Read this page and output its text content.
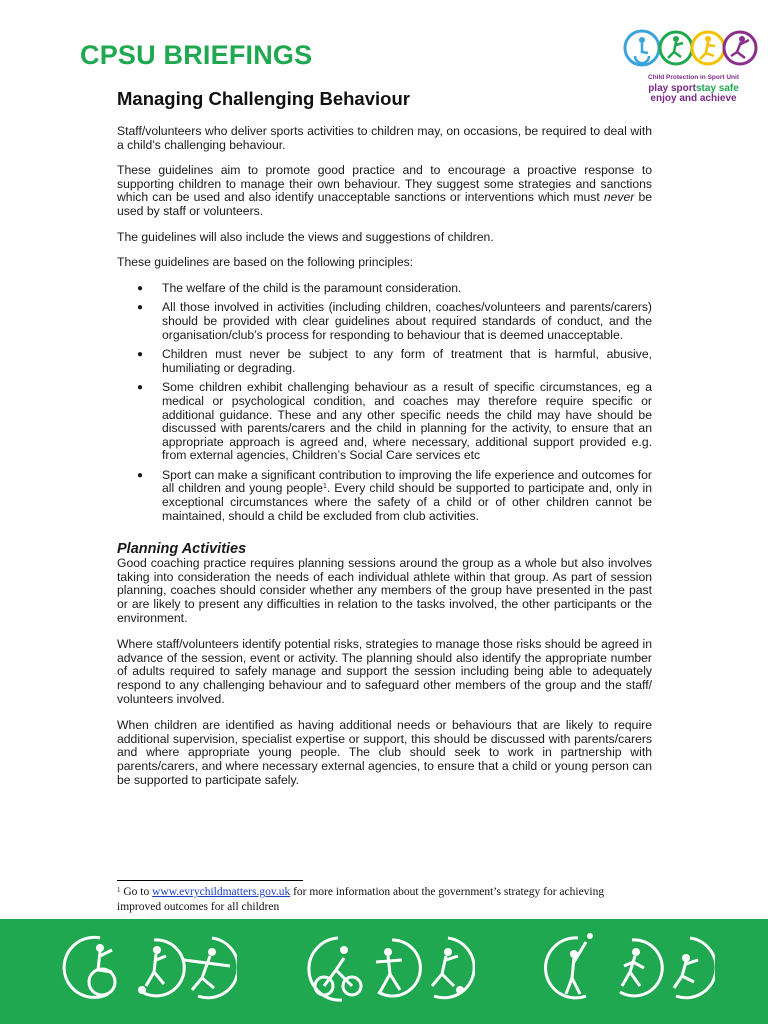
CPSU BRIEFINGS
Child Protection in Sport Unit
play sportstay safe
enjoy and achieve
Managing Challenging Behaviour

Staff/volunteers who deliver sports activities to children may, on occasions, be required to deal with a child’s challenging behaviour.

These guidelines aim to promote good practice and to encourage a proactive response to supporting children to manage their own behaviour. They suggest some strategies and sanctions which can be used and also identify unacceptable sanctions or interventions which must never be used by staff or volunteers.

The guidelines will also include the views and suggestions of children.

These guidelines are based on the following principles:

● The welfare of the child is the paramount consideration.
● All those involved in activities (including children, coaches/volunteers and parents/carers) should be provided with clear guidelines about required standards of conduct, and the organisation/club’s process for responding to behaviour that is deemed unacceptable.
● Children must never be subject to any form of treatment that is harmful, abusive, humiliating or degrading.
● Some children exhibit challenging behaviour as a result of specific circumstances, eg a medical or psychological condition, and coaches may therefore require specific or additional guidance. These and any other specific needs the child may have should be discussed with parents/carers and the child in planning for the activity, to ensure that an appropriate approach is agreed and, where necessary, additional support provided e.g. from external agencies, Children’s Social Care services etc
● Sport can make a significant contribution to improving the life experience and outcomes for all children and young people$^1$. Every child should be supported to participate and, only in exceptional circumstances where the safety of a child or of other children cannot be maintained, should a child be excluded from club activities.
Planning Activities

Good coaching practice requires planning sessions around the group as a whole but also involves taking into consideration the needs of each individual athlete within that group. As part of session planning, coaches should consider whether any members of the group have presented in the past or are likely to present any difficulties in relation to the tasks involved, the other participants or the environment.

Where staff/volunteers identify potential risks, strategies to manage those risks should be agreed in advance of the session, event or activity. The planning should also identify the appropriate number of adults required to safely manage and support the session including being able to adequately respond to any challenging behaviour and to safeguard other members of the group and the staff/ volunteers involved.

When children are identified as having additional needs or behaviours that are likely to require additional supervision, specialist expertise or support, this should be discussed with parents/carers and where appropriate young people. The club should seek to work in partnership with parents/carers, and where necessary external agencies, to ensure that a child or young person can be supported to participate safely.

$^1$ Go to www.evrychildmatters.gov.uk for more information about the government’s strategy for achieving improved outcomes for all children
